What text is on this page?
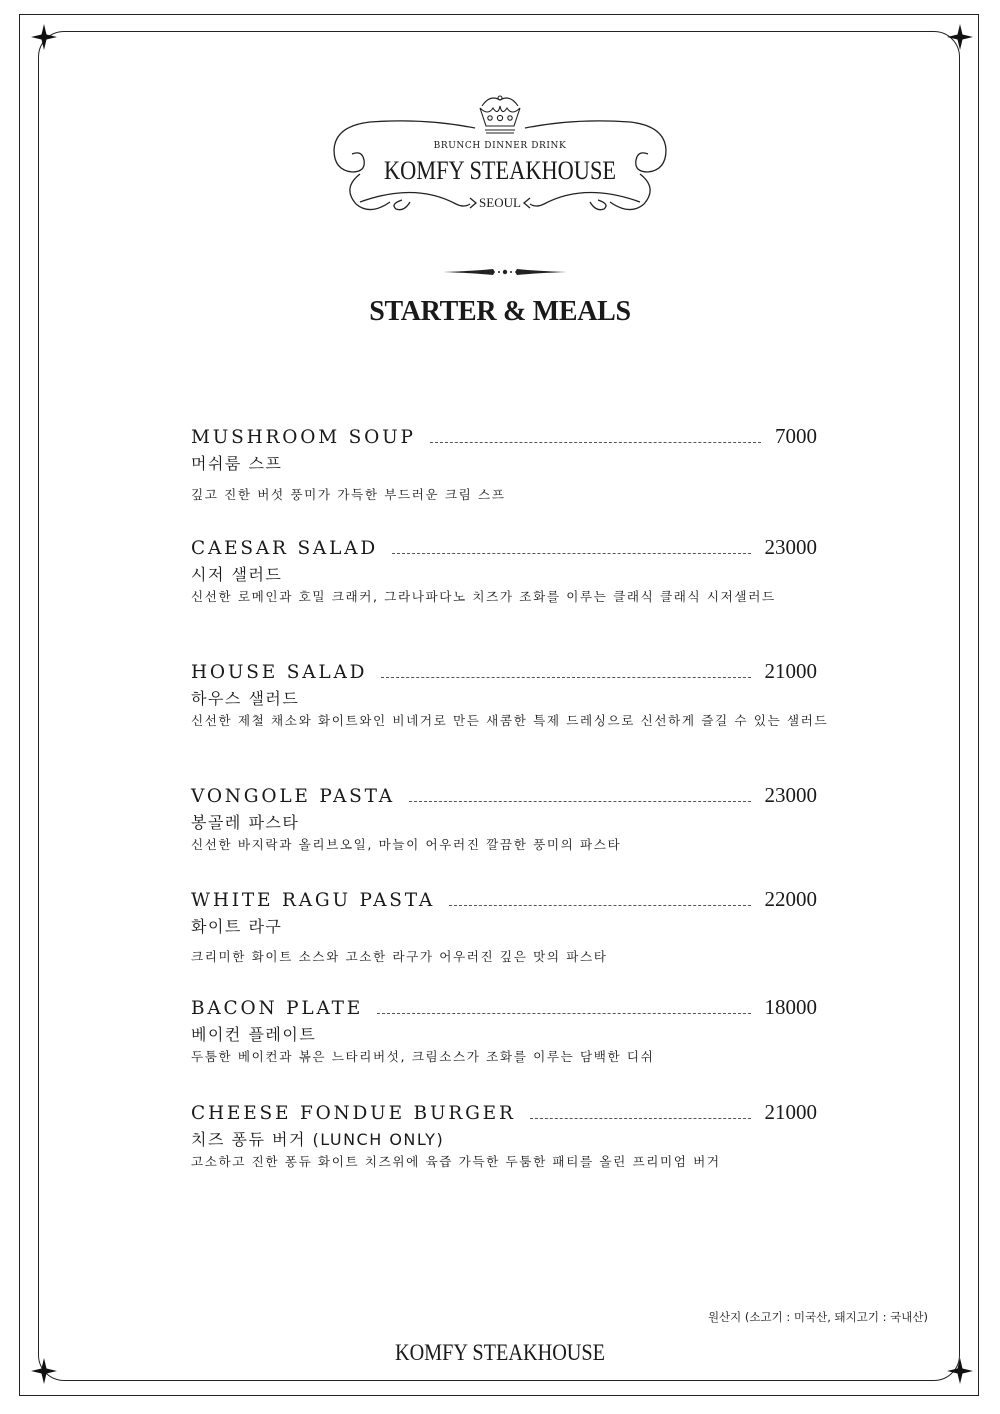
BRUNCH DINNER DRINK
KOMFY STEAKHOUSE
SEOUL
STARTER & MEALS
MUSHROOM SOUP	7000
머쉬룸 스프
깊고 진한 버섯 풍미가 가득한 부드러운 크림 스프
CAESAR SALAD	23000
시저 샐러드
신선한 로메인과 호밀 크래커, 그라나파다노 치즈가 조화를 이루는 클래식 클래식 시저샐러드
HOUSE SALAD	21000
하우스 샐러드
신선한 제철 채소와 화이트와인 비네거로 만든 새콤한 특제 드레싱으로 신선하게 즐길 수 있는 샐러드
VONGOLE PASTA	23000
봉골레 파스타
신선한 바지락과 올리브오일, 마늘이 어우러진 깔끔한 풍미의 파스타
WHITE RAGU PASTA	22000
화이트 라구
크리미한 화이트 소스와 고소한 라구가 어우러진 깊은 맛의 파스타
BACON PLATE	18000
베이컨 플레이트
두툼한 베이컨과 볶은 느타리버섯, 크림소스가 조화를 이루는 담백한 디쉬
CHEESE FONDUE BURGER	21000
치즈 퐁듀 버거 (LUNCH ONLY)
고소하고 진한 퐁듀 화이트 치즈위에 육즙 가득한 두툼한 패티를 올린 프리미엄 버거
원산지 (소고기 : 미국산, 돼지고기 : 국내산)
KOMFY STEAKHOUSE
